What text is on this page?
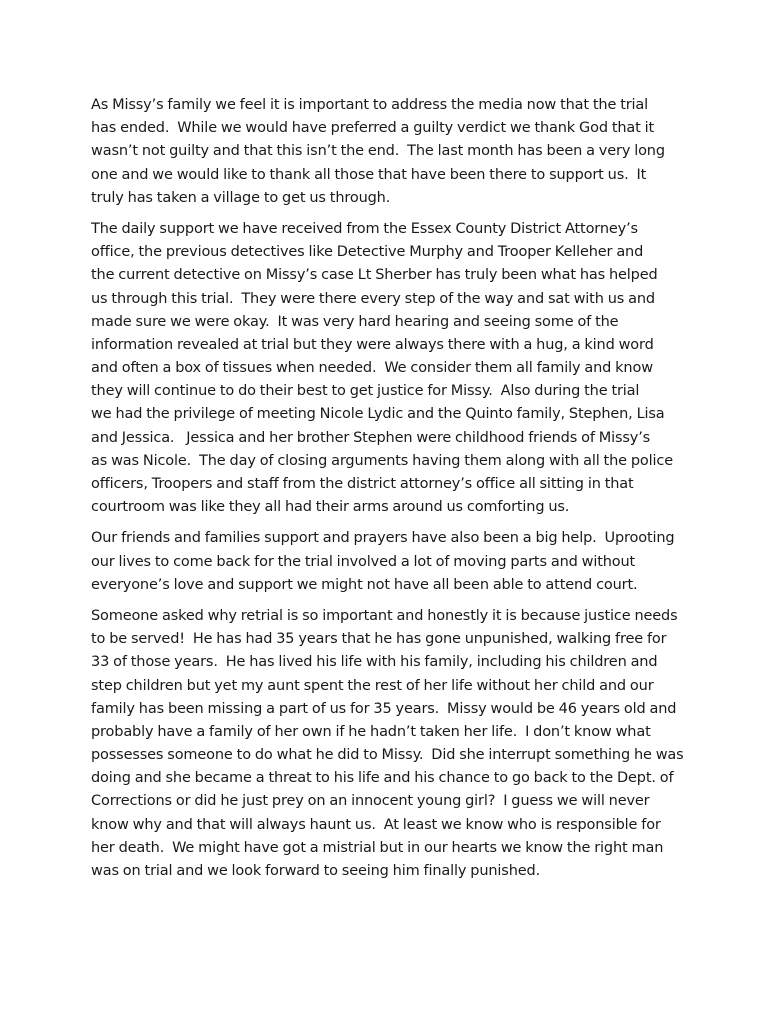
As Missy’s family we feel it is important to address the media now that the trial
has ended.  While we would have preferred a guilty verdict we thank God that it
wasn’t not guilty and that this isn’t the end.  The last month has been a very long
one and we would like to thank all those that have been there to support us.  It
truly has taken a village to get us through.
The daily support we have received from the Essex County District Attorney’s
office, the previous detectives like Detective Murphy and Trooper Kelleher and
the current detective on Missy’s case Lt Sherber has truly been what has helped
us through this trial.  They were there every step of the way and sat with us and
made sure we were okay.  It was very hard hearing and seeing some of the
information revealed at trial but they were always there with a hug, a kind word
and often a box of tissues when needed.  We consider them all family and know
they will continue to do their best to get justice for Missy.  Also during the trial
we had the privilege of meeting Nicole Lydic and the Quinto family, Stephen, Lisa
and Jessica.   Jessica and her brother Stephen were childhood friends of Missy’s
as was Nicole.  The day of closing arguments having them along with all the police
officers, Troopers and staff from the district attorney’s office all sitting in that
courtroom was like they all had their arms around us comforting us.
Our friends and families support and prayers have also been a big help.  Uprooting
our lives to come back for the trial involved a lot of moving parts and without
everyone’s love and support we might not have all been able to attend court.
Someone asked why retrial is so important and honestly it is because justice needs
to be served!  He has had 35 years that he has gone unpunished, walking free for
33 of those years.  He has lived his life with his family, including his children and
step children but yet my aunt spent the rest of her life without her child and our
family has been missing a part of us for 35 years.  Missy would be 46 years old and
probably have a family of her own if he hadn’t taken her life.  I don’t know what
possesses someone to do what he did to Missy.  Did she interrupt something he was
doing and she became a threat to his life and his chance to go back to the Dept. of
Corrections or did he just prey on an innocent young girl?  I guess we will never
know why and that will always haunt us.  At least we know who is responsible for
her death.  We might have got a mistrial but in our hearts we know the right man
was on trial and we look forward to seeing him finally punished.
